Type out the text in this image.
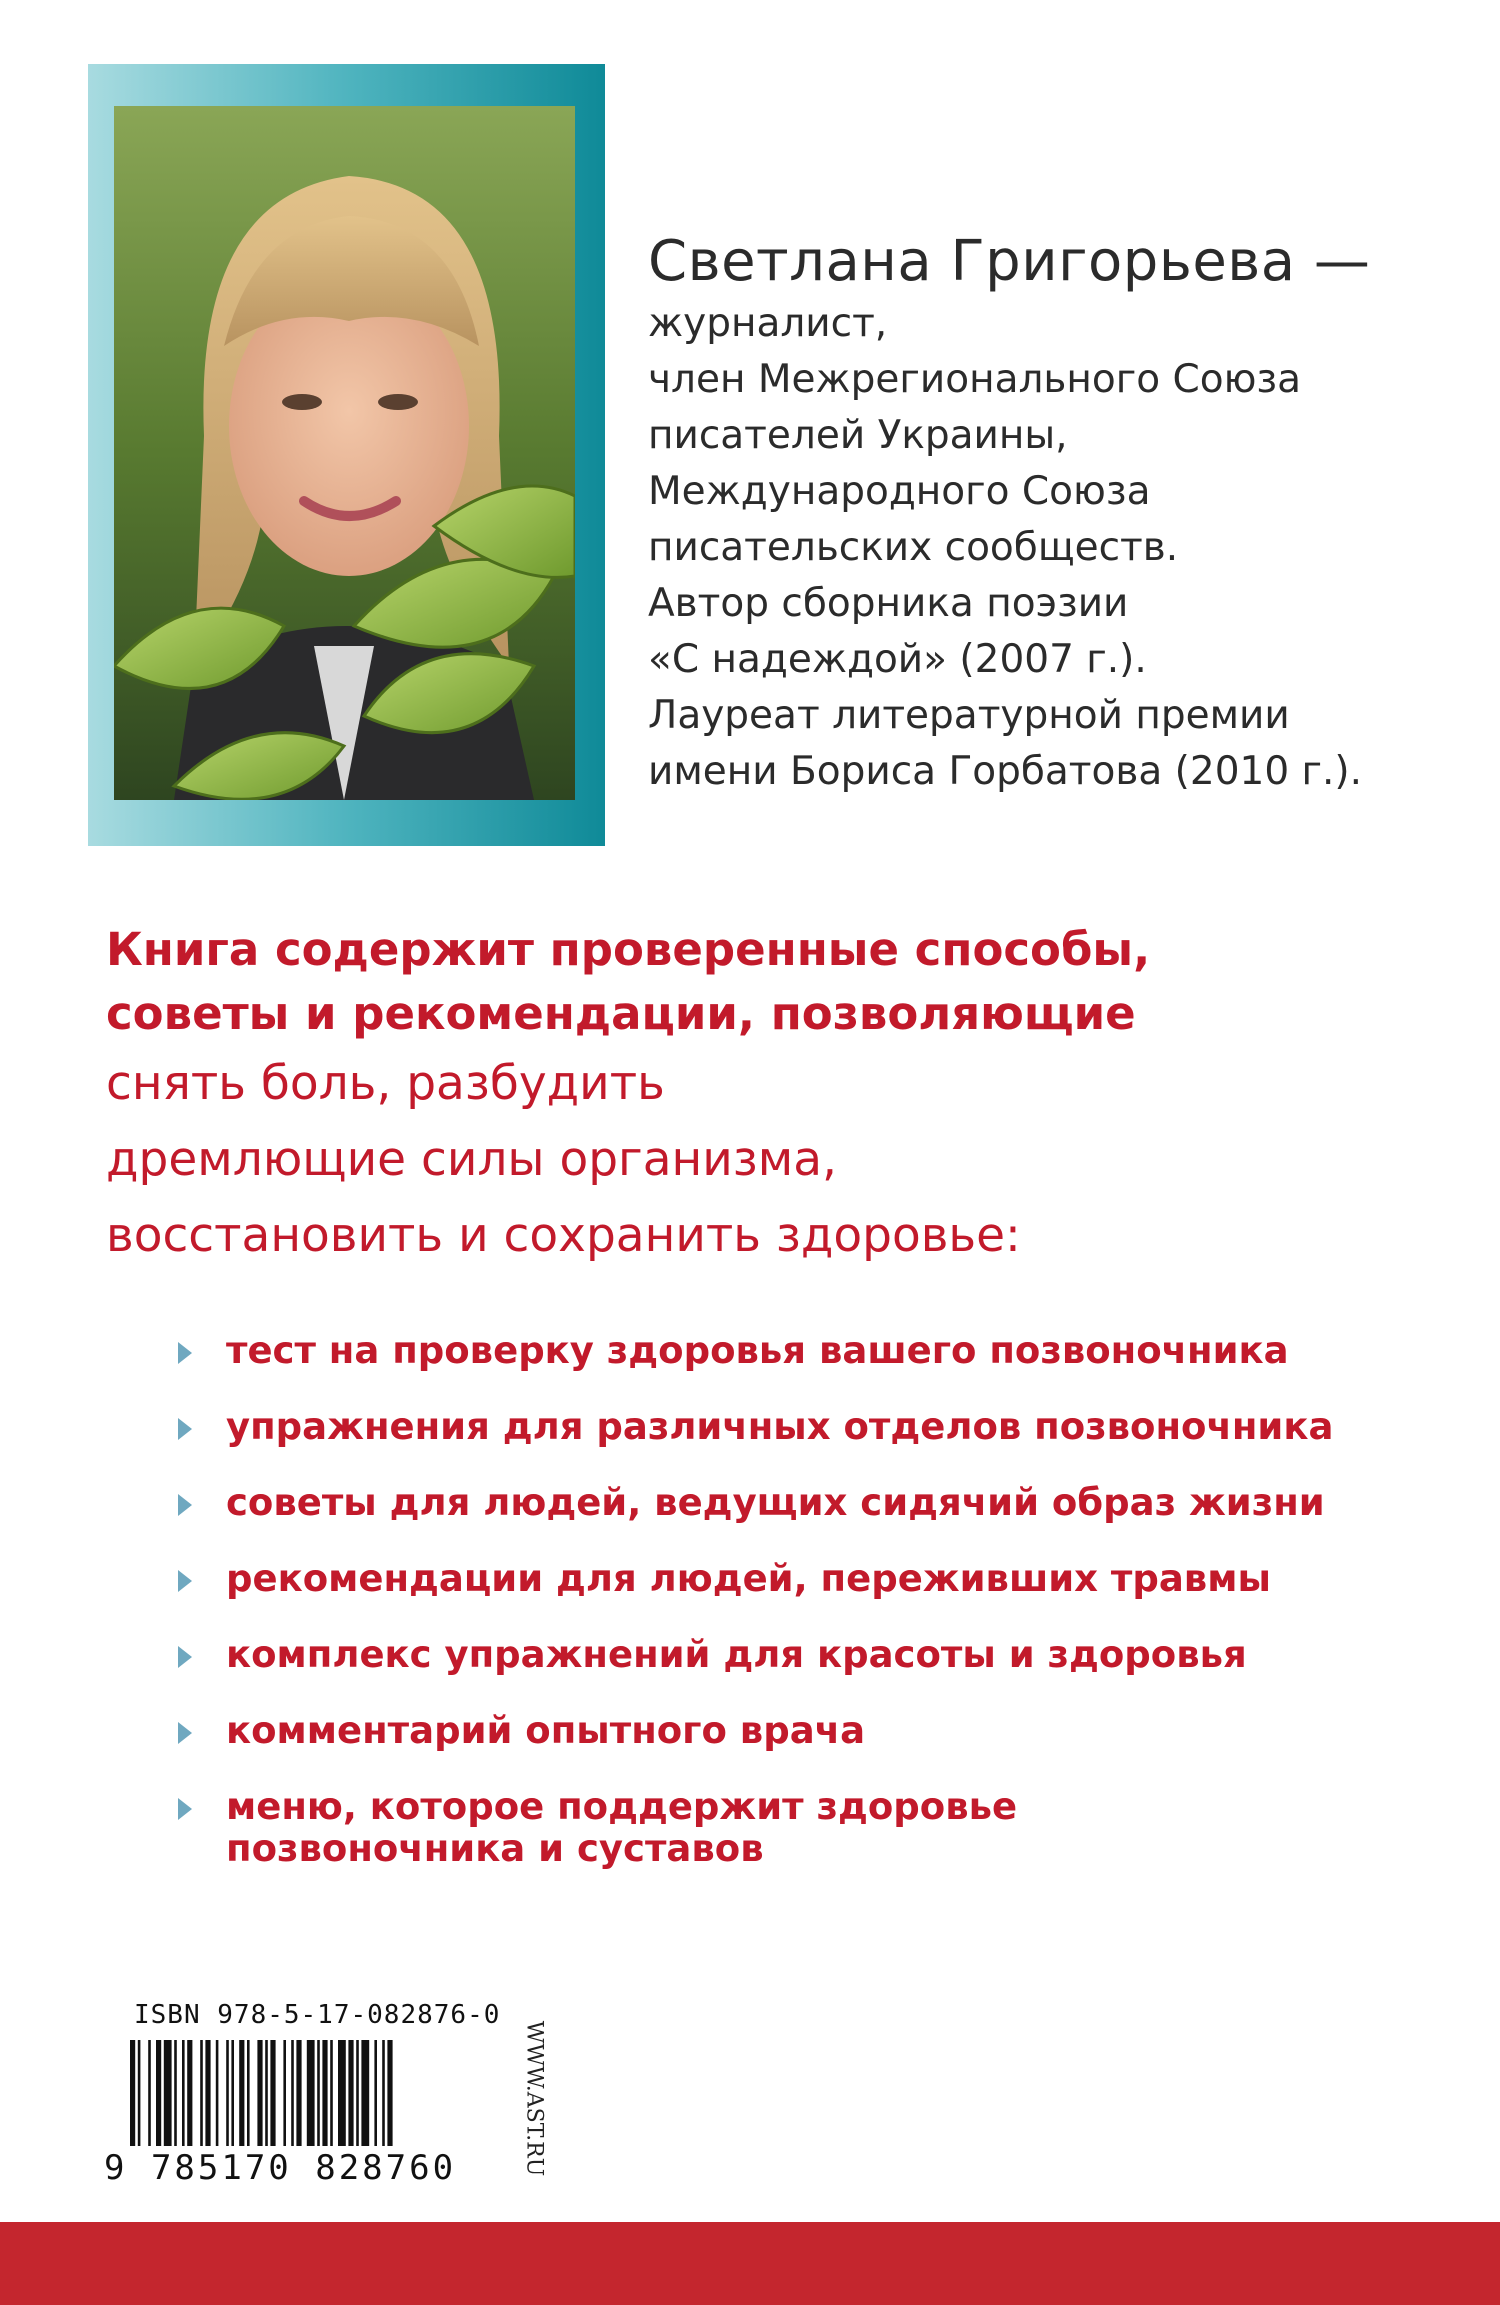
Светлана Григорьева —
журналист,
член Межрегионального Союза
писателей Украины,
Международного Союза
писательских сообществ.
Автор сборника поэзии
«С надеждой» (2007 г.).
Лауреат литературной премии
имени Бориса Горбатова (2010 г.).
Книга содержит проверенные способы,
советы и рекомендации, позволяющие
снять боль, разбудить
дремлющие силы организма,
восстановить и сохранить здоровье:
тест на проверку здоровья вашего позвоночника
упражнения для различных отделов позвоночника
советы для людей, ведущих сидячий образ жизни
рекомендации для людей, переживших травмы
комплекс упражнений для красоты и здоровья
комментарий опытного врача
меню, которое поддержит здоровье
позвоночника и суставов
ISBN 978-5-17-082876-0
9 785170 828760	WWW.AST.RU
